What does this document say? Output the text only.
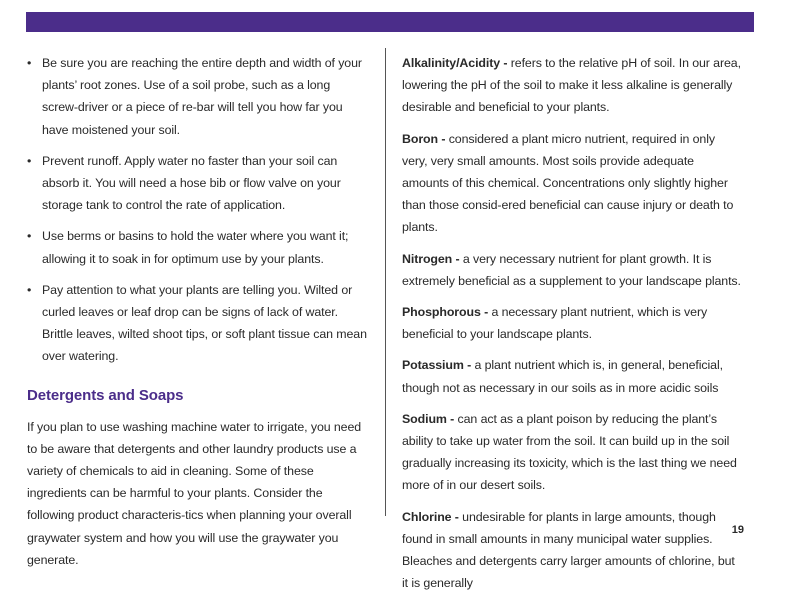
• Be sure you are reaching the entire depth and width of your plants’ root zones. Use of a soil probe, such as a long screw-driver or a piece of re-bar will tell you how far you have moistened your soil.
• Prevent runoff. Apply water no faster than your soil can absorb it. You will need a hose bib or flow valve on your storage tank to control the rate of application.
• Use berms or basins to hold the water where you want it; allowing it to soak in for optimum use by your plants.
• Pay attention to what your plants are telling you. Wilted or curled leaves or leaf drop can be signs of lack of water. Brittle leaves, wilted shoot tips, or soft plant tissue can mean over watering.
Detergents and Soaps

If you plan to use washing machine water to irrigate, you need to be aware that detergents and other laundry products use a variety of chemicals to aid in cleaning. Some of these ingredients can be harmful to your plants. Consider the following product characteris-tics when planning your overall graywater system and how you will use the graywater you generate.

Alkalinity/Acidity - refers to the relative pH of soil. In our area, lowering the pH of the soil to make it less alkaline is generally desirable and beneficial to your plants.

Boron - considered a plant micro nutrient, required in only very, very small amounts. Most soils provide adequate amounts of this chemical. Concentrations only slightly higher than those consid-ered beneficial can cause injury or death to plants.

Nitrogen - a very necessary nutrient for plant growth. It is extremely beneficial as a supplement to your landscape plants.

Phosphorous - a necessary plant nutrient, which is very beneficial to your landscape plants.

Potassium - a plant nutrient which is, in general, beneficial, though not as necessary in our soils as in more acidic soils

Sodium - can act as a plant poison by reducing the plant’s ability to take up water from the soil. It can build up in the soil gradually increasing its toxicity, which is the last thing we need more of in our desert soils.

Chlorine - undesirable for plants in large amounts, though found in small amounts in many municipal water supplies. Bleaches and detergents carry larger amounts of chlorine, but it is generally

19
